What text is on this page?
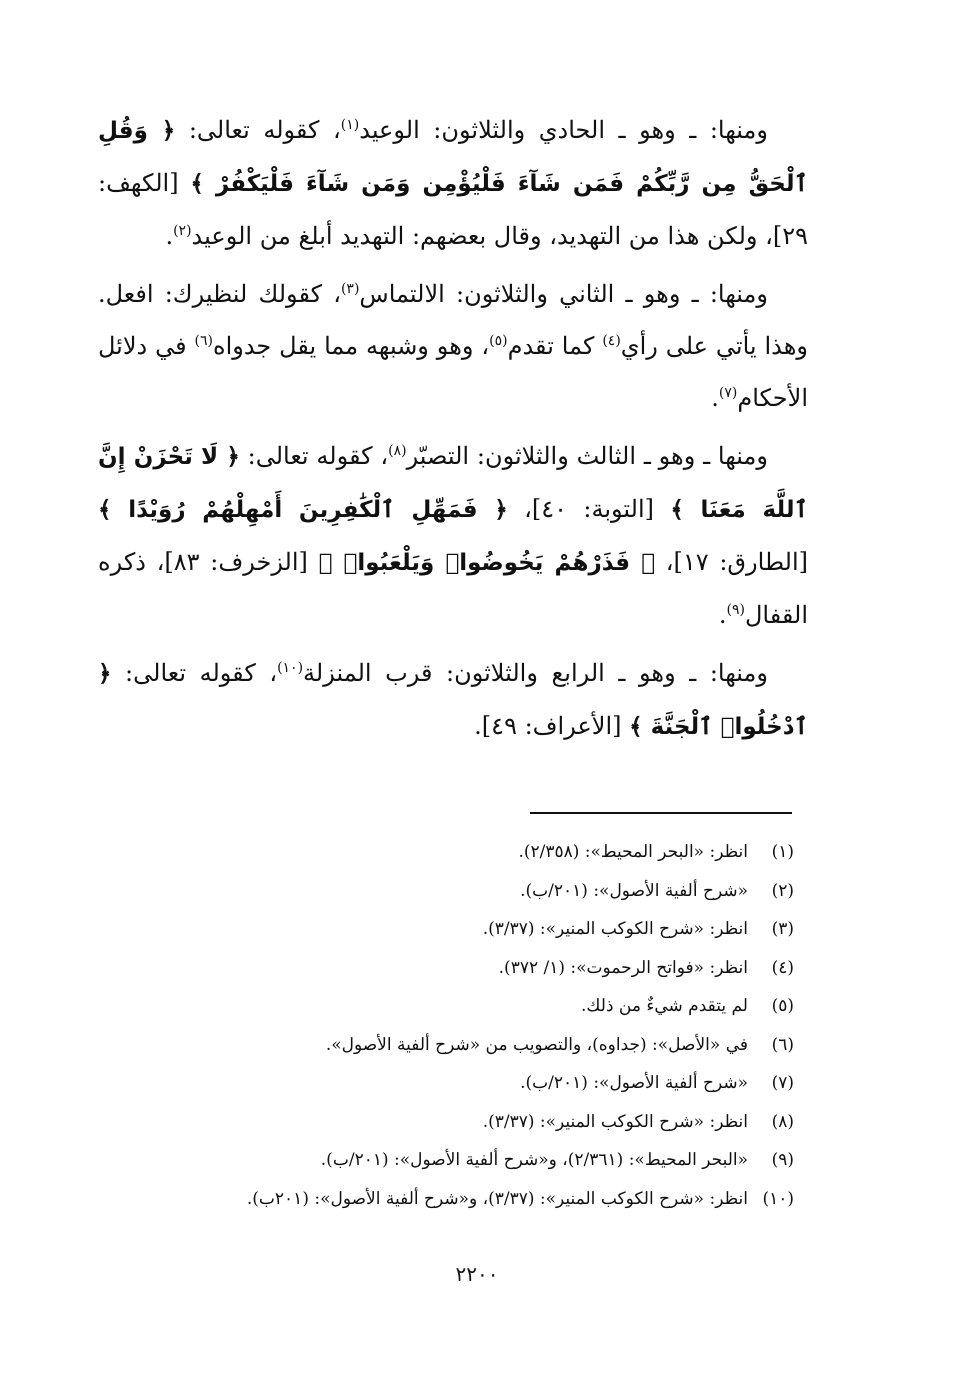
ومنها: ـ وهو ـ الحادي والثلاثون: الوعيد$^{(١)}$، كقوله تعالى: ﴿ وَقُلِ ٱلْحَقُّ مِن رَّبِّكُمْ فَمَن شَآءَ فَلْيُؤْمِن وَمَن شَآءَ فَلْيَكْفُرْ ﴾ [الكهف: ٢٩]، ولكن هذا من التهديد، وقال بعضهم: التهديد أبلغ من الوعيد$^{(٢)}$.

ومنها: ـ وهو ـ الثاني والثلاثون: الالتماس$^{(٣)}$، كقولك لنظيرك: افعل. وهذا يأتي على رأي$^{(٤)}$ كما تقدم$^{(٥)}$، وهو وشبهه مما يقل جدواه$^{(٦)}$ في دلائل الأحكام$^{(٧)}$.

ومنها ـ وهو ـ الثالث والثلاثون: التصبّر$^{(٨)}$، كقوله تعالى: ﴿ لَا تَحْزَنْ إِنَّ ٱللَّهَ مَعَنَا ﴾ [التوبة: ٤٠]، ﴿ فَمَهِّلِ ٱلْكَٰفِرِينَ أَمْهِلْهُمْ رُوَيْدًا ﴾ [الطارق: ١٧]، ﴿ فَذَرْهُمْ يَخُوضُوا۟ وَيَلْعَبُوا۟ ﴾ [الزخرف: ٨٣]، ذكره القفال$^{(٩)}$.

ومنها: ـ وهو ـ الرابع والثلاثون: قرب المنزلة$^{(١٠)}$، كقوله تعالى: ﴿ ٱدْخُلُوا۟ ٱلْجَنَّةَ ﴾ [الأعراف: ٤٩].

(١)
انظر: «البحر المحيط»: (٢/٣٥٨).
(٢)
«شرح ألفية الأصول»: (٢٠١/ب).
(٣)
انظر: «شرح الكوكب المنير»: (٣/٣٧).
(٤)
انظر: «فواتح الرحموت»: (١/ ٣٧٢).
(٥)
لم يتقدم شيءٌ من ذلك.
(٦)
في «الأصل»: (جداوه)، والتصويب من «شرح ألفية الأصول».
(٧)
«شرح ألفية الأصول»: (٢٠١/ب).
(٨)
انظر: «شرح الكوكب المنير»: (٣/٣٧).
(٩)
«البحر المحيط»: (٢/٣٦١)، و«شرح ألفية الأصول»: (٢٠١/ب).
(١٠)
انظر: «شرح الكوكب المنير»: (٣/٣٧)، و«شرح ألفية الأصول»: (٢٠١ب).
٢٢٠٠
